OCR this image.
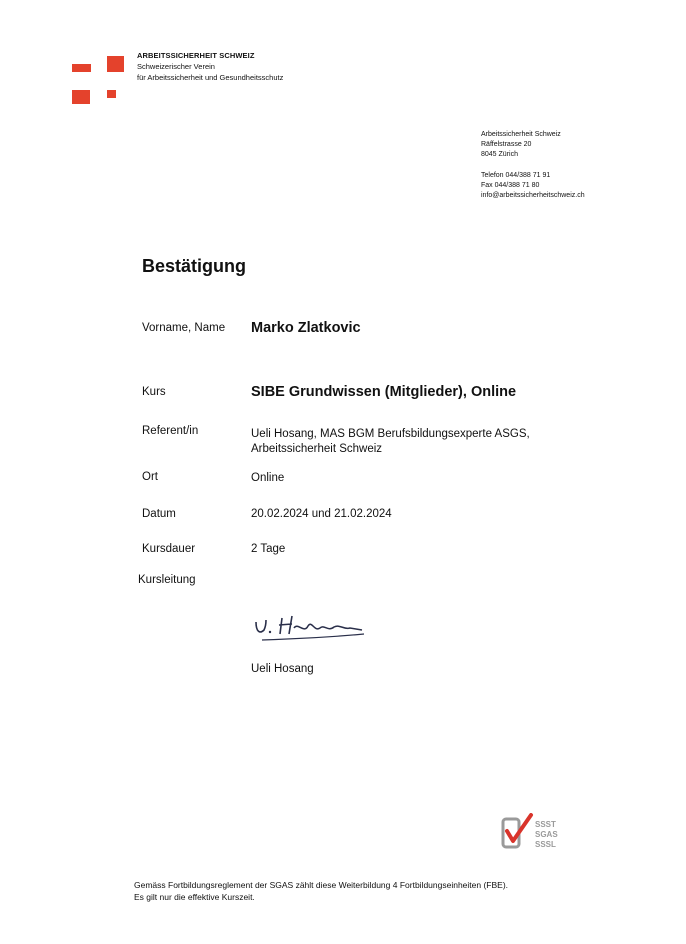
ARBEITSSICHERHEIT SCHWEIZ
Schweizerischer Verein
für Arbeitssicherheit und Gesundheitsschutz
Arbeitssicherheit Schweiz
Räffelstrasse 20
8045 Zürich
Telefon 044/388 71 91
Fax 044/388 71 80
info@arbeitssicherheitschweiz.ch
Bestätigung
Vorname, Name Marko Zlatkovic
Kurs	SIBE Grundwissen (Mitglieder), Online
Referent/in	Ueli Hosang, MAS BGM Berufsbildungsexperte ASGS,
Arbeitssicherheit Schweiz
Ort	Online
Datum	20.02.2024 und 21.02.2024
Kursdauer	2 Tage
Kursleitung
Ueli Hosang
SSST
SGAS
SSSL
Gemäss Fortbildungsreglement der SGAS zählt diese Weiterbildung 4 Fortbildungseinheiten (FBE).
Es gilt nur die effektive Kurszeit.
